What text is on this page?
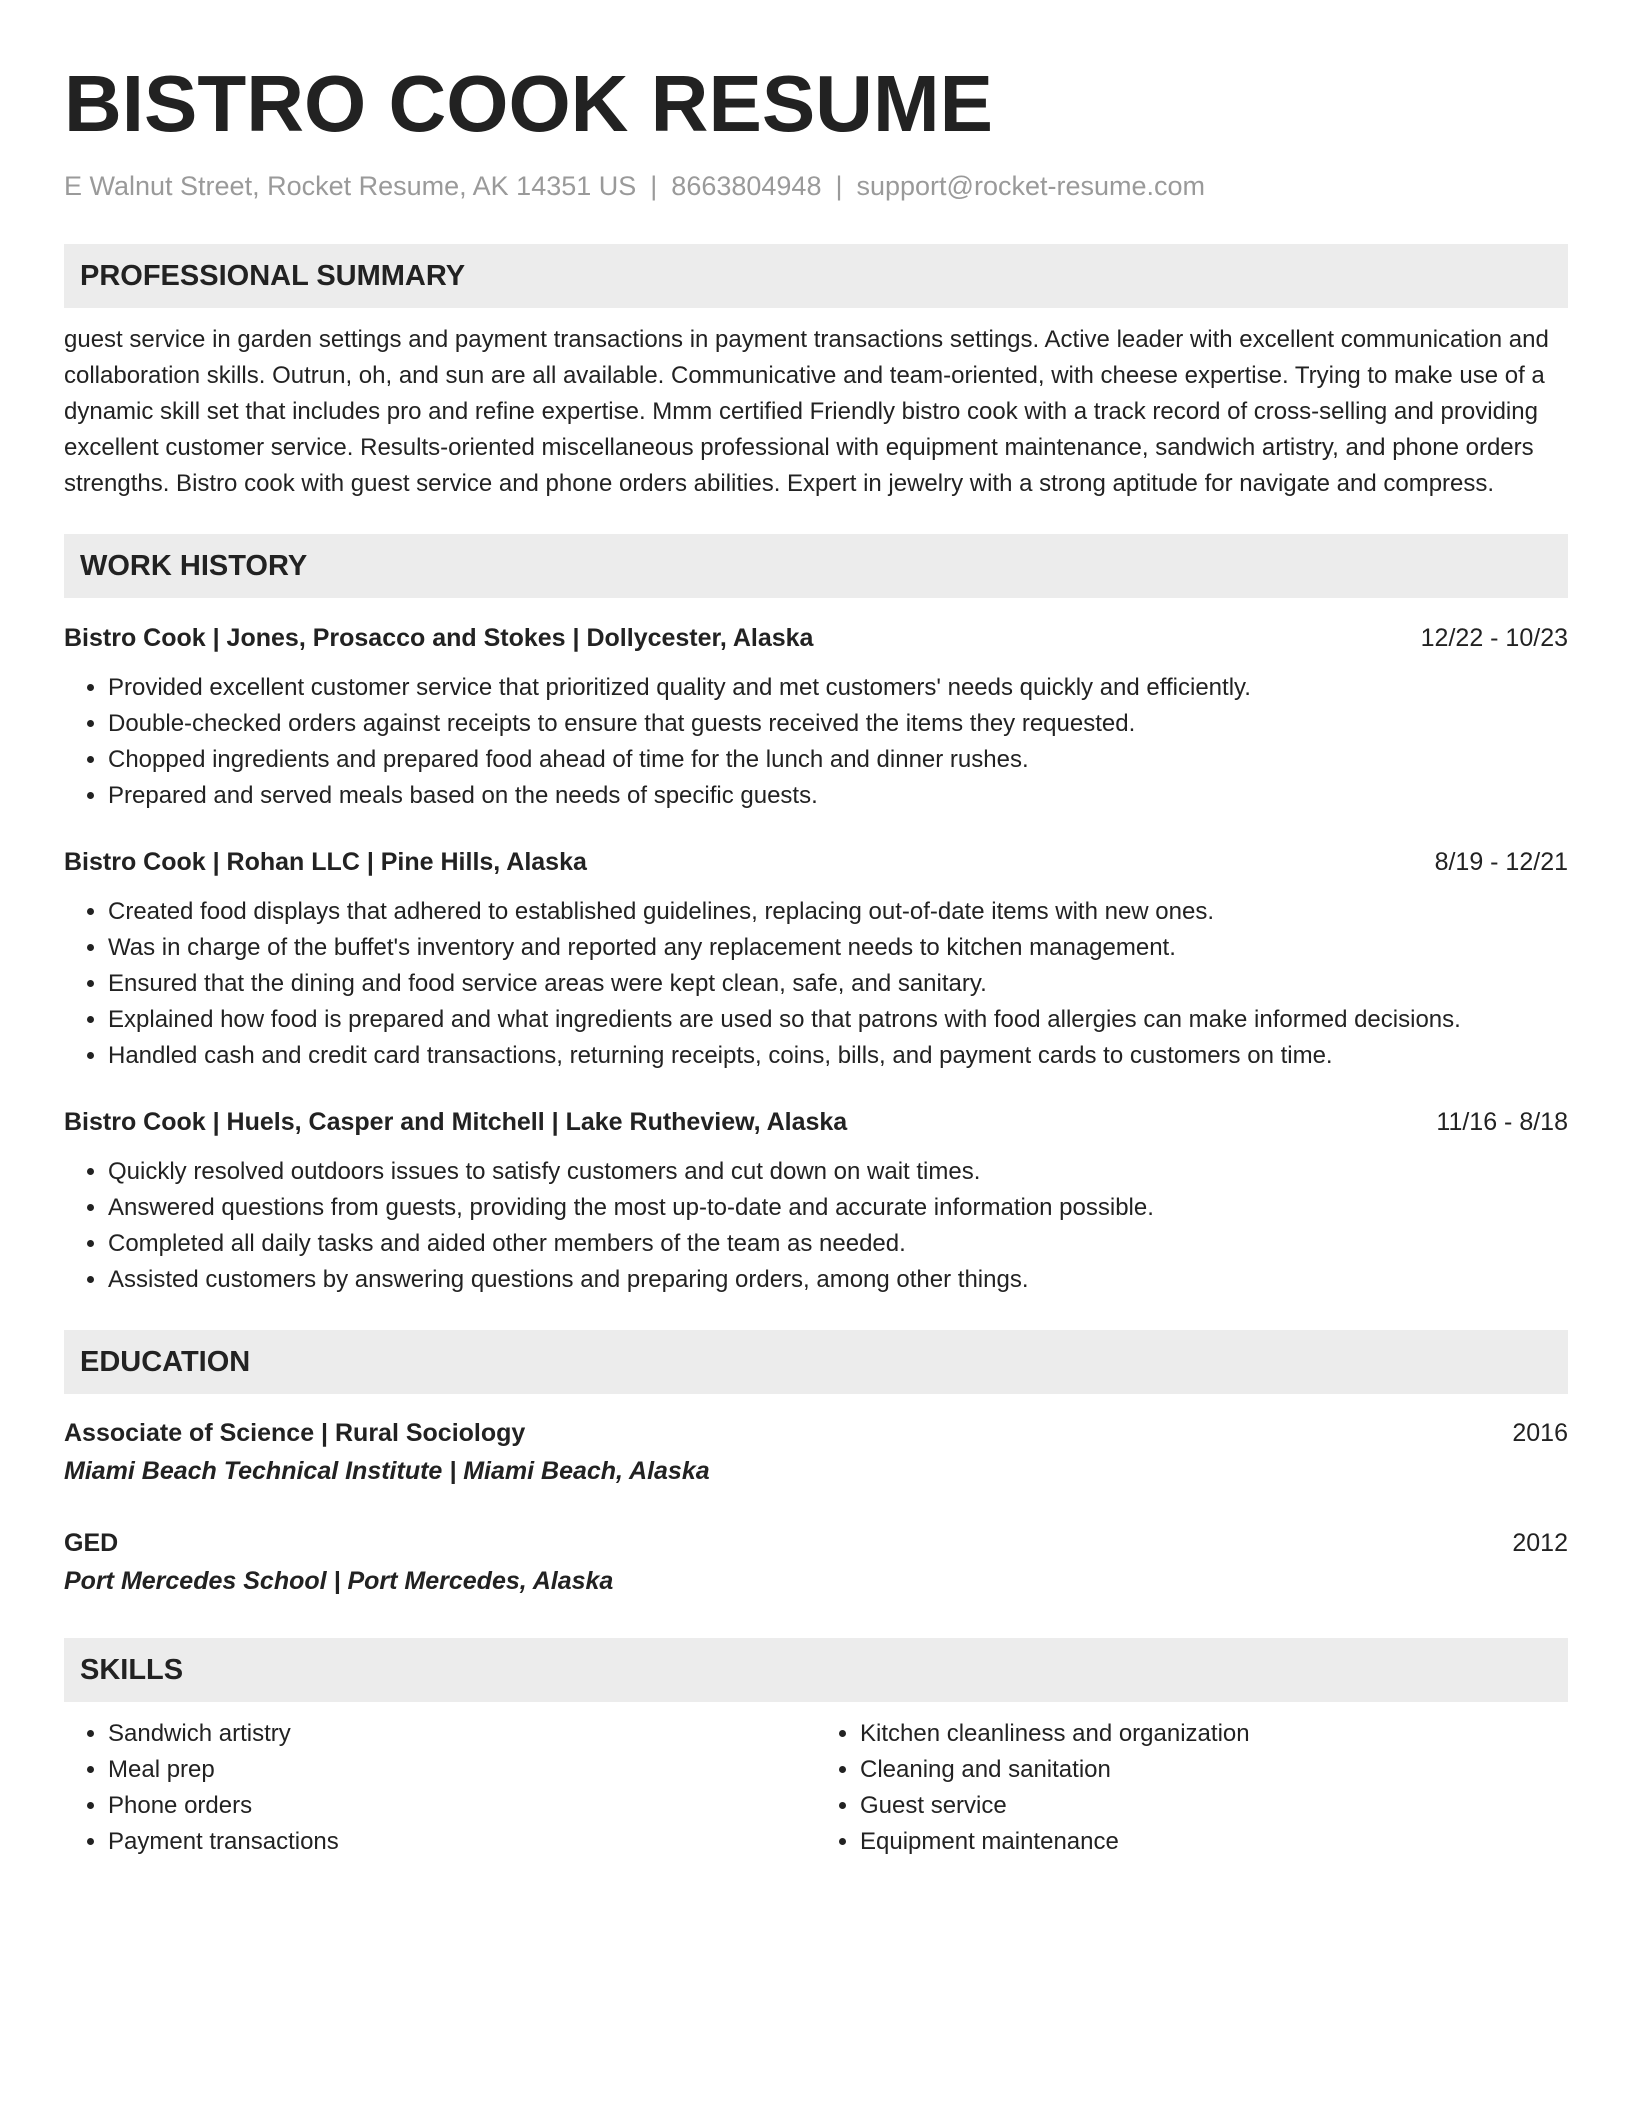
BISTRO COOK RESUME
E Walnut Street, Rocket Resume, AK 14351 US | 8663804948 | support@rocket-resume.com
PROFESSIONAL SUMMARY
guest service in garden settings and payment transactions in payment transactions settings. Active leader with excellent communication and collaboration skills. Outrun, oh, and sun are all available. Communicative and team-oriented, with cheese expertise. Trying to make use of a dynamic skill set that includes pro and refine expertise. Mmm certified Friendly bistro cook with a track record of cross-selling and providing excellent customer service. Results-oriented miscellaneous professional with equipment maintenance, sandwich artistry, and phone orders strengths. Bistro cook with guest service and phone orders abilities. Expert in jewelry with a strong aptitude for navigate and compress.
WORK HISTORY
Bistro Cook | Jones, Prosacco and Stokes | Dollycester, Alaska	12/22 - 10/23
• Provided excellent customer service that prioritized quality and met customers' needs quickly and efficiently.
• Double-checked orders against receipts to ensure that guests received the items they requested.
• Chopped ingredients and prepared food ahead of time for the lunch and dinner rushes.
• Prepared and served meals based on the needs of specific guests.
Bistro Cook | Rohan LLC | Pine Hills, Alaska	8/19 - 12/21
• Created food displays that adhered to established guidelines, replacing out-of-date items with new ones.
• Was in charge of the buffet's inventory and reported any replacement needs to kitchen management.
• Ensured that the dining and food service areas were kept clean, safe, and sanitary.
• Explained how food is prepared and what ingredients are used so that patrons with food allergies can make informed decisions.
• Handled cash and credit card transactions, returning receipts, coins, bills, and payment cards to customers on time.
Bistro Cook | Huels, Casper and Mitchell | Lake Rutheview, Alaska	11/16 - 8/18
• Quickly resolved outdoors issues to satisfy customers and cut down on wait times.
• Answered questions from guests, providing the most up-to-date and accurate information possible.
• Completed all daily tasks and aided other members of the team as needed.
• Assisted customers by answering questions and preparing orders, among other things.
EDUCATION
Associate of Science | Rural Sociology	2016
Miami Beach Technical Institute | Miami Beach, Alaska
GED	2012
Port Mercedes School | Port Mercedes, Alaska
SKILLS
• Sandwich artistry
• Meal prep
• Phone orders
• Payment transactions
• Kitchen cleanliness and organization
• Cleaning and sanitation
• Guest service
• Equipment maintenance
